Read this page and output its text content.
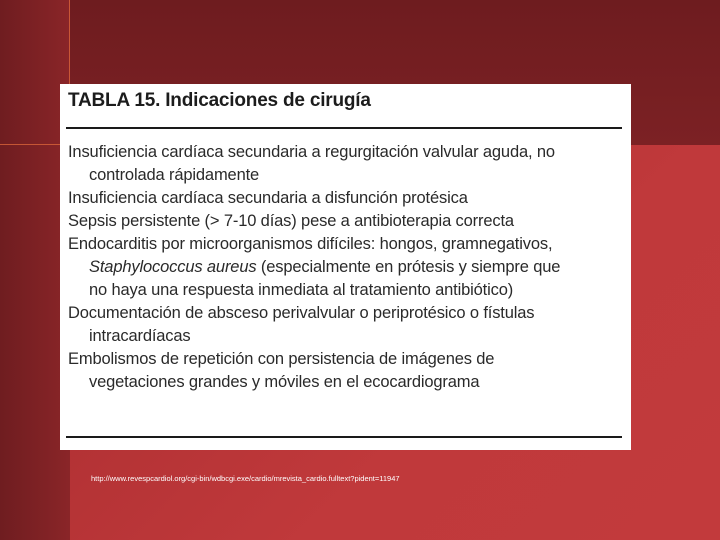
TABLA 15. Indicaciones de cirugía

Insuficiencia cardíaca secundaria a regurgitación valvular aguda, no

controlada rápidamente

Insuficiencia cardíaca secundaria a disfunción protésica

Sepsis persistente (> 7-10 días) pese a antibioterapia correcta

Endocarditis por microorganismos difíciles: hongos, gramnegativos,

Staphylococcus aureus (especialmente en prótesis y siempre que

no haya una respuesta inmediata al tratamiento antibiótico)

Documentación de absceso perivalvular o periprotésico o fístulas

intracardíacas

Embolismos de repetición con persistencia de imágenes de

vegetaciones grandes y móviles en el ecocardiograma

http://www.revespcardiol.org/cgi-bin/wdbcgi.exe/cardio/mrevista_cardio.fulltext?pident=11947
